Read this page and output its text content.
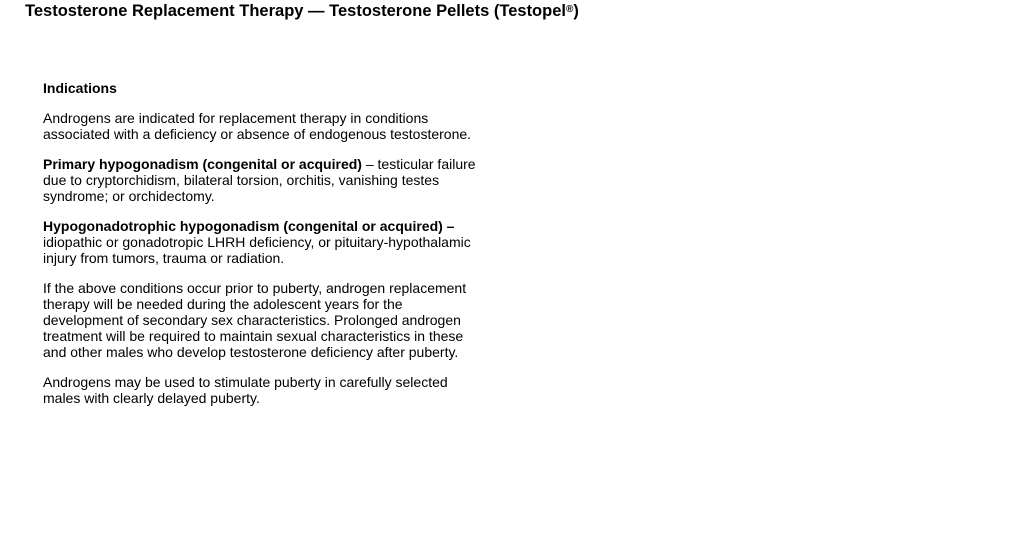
Testosterone Replacement Therapy — Testosterone Pellets (Testopel®)
Indications

Androgens are indicated for replacement therapy in conditions associated with a deficiency or absence of endogenous testosterone.

Primary hypogonadism (congenital or acquired) – testicular failure due to cryptorchidism, bilateral torsion, orchitis, vanishing testes syndrome; or orchidectomy.

Hypogonadotrophic hypogonadism (congenital or acquired) – idiopathic or gonadotropic LHRH deficiency, or pituitary-hypothalamic injury from tumors, trauma or radiation.

If the above conditions occur prior to puberty, androgen replacement therapy will be needed during the adolescent years for the development of secondary sex characteristics. Prolonged androgen treatment will be required to maintain sexual characteristics in these and other males who develop testosterone deficiency after puberty.

Androgens may be used to stimulate puberty in carefully selected males with clearly delayed puberty.
